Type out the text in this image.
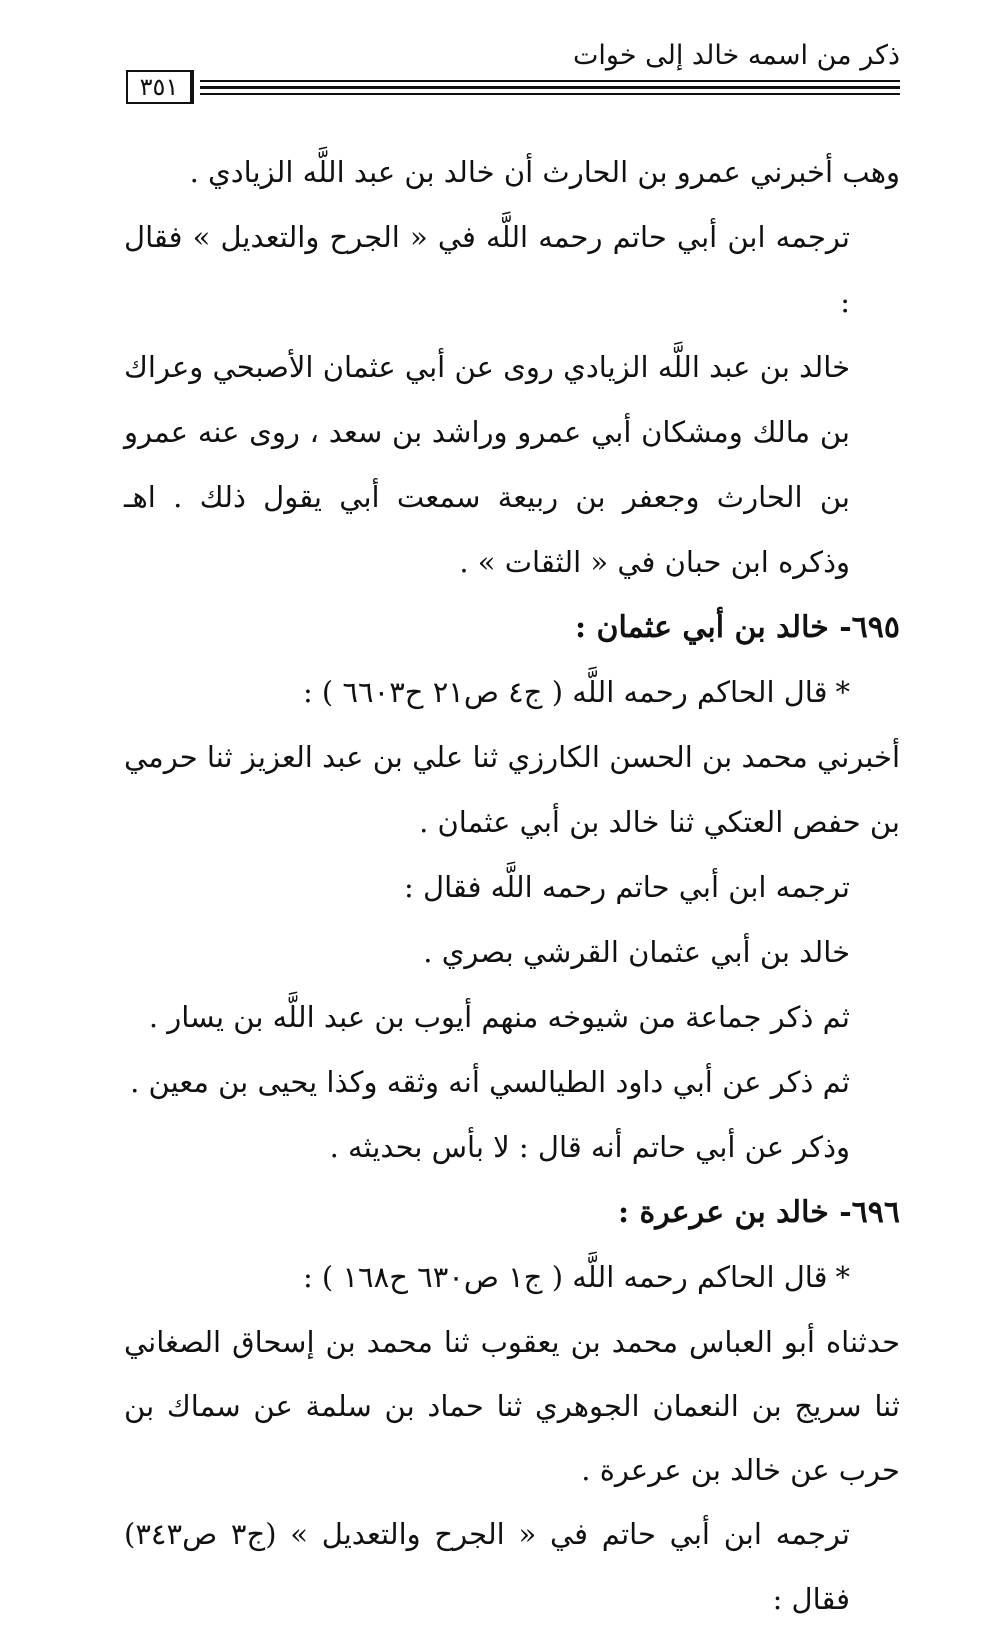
ذكر من اسمه خالد إلى خوات
٣٥١

وهب أخبرني عمرو بن الحارث أن خالد بن عبد اللَّه الزيادي .

ترجمه ابن أبي حاتم رحمه اللَّه في « الجرح والتعديل » فقال :

خالد بن عبد اللَّه الزيادي روى عن أبي عثمان الأصبحي وعراك بن مالك ومشكان أبي عمرو وراشد بن سعد ، روى عنه عمرو بن الحارث وجعفر بن ربيعة سمعت أبي يقول ذلك . اهـ وذكره ابن حبان في « الثقات » .

٦٩٥- خالد بن أبي عثمان :

*قال الحاكم رحمه اللَّه ( ج٤ ص٢١ ح٦٦٠٣ ) :

أخبرني محمد بن الحسن الكارزي ثنا علي بن عبد العزيز ثنا حرمي بن حفص العتكي ثنا خالد بن أبي عثمان .

ترجمه ابن أبي حاتم رحمه اللَّه فقال :

خالد بن أبي عثمان القرشي بصري .

ثم ذكر جماعة من شيوخه منهم أيوب بن عبد اللَّه بن يسار .

ثم ذكر عن أبي داود الطيالسي أنه وثقه وكذا يحيى بن معين .

وذكر عن أبي حاتم أنه قال : لا بأس بحديثه .

٦٩٦- خالد بن عرعرة :

*قال الحاكم رحمه اللَّه ( ج١ ص٦٣٠ ح١٦٨ ) :

حدثناه أبو العباس محمد بن يعقوب ثنا محمد بن إسحاق الصغاني ثنا سريج بن النعمان الجوهري ثنا حماد بن سلمة عن سماك بن حرب عن خالد بن عرعرة .

ترجمه ابن أبي حاتم في « الجرح والتعديل » (ج٣ ص٣٤٣) فقال :
